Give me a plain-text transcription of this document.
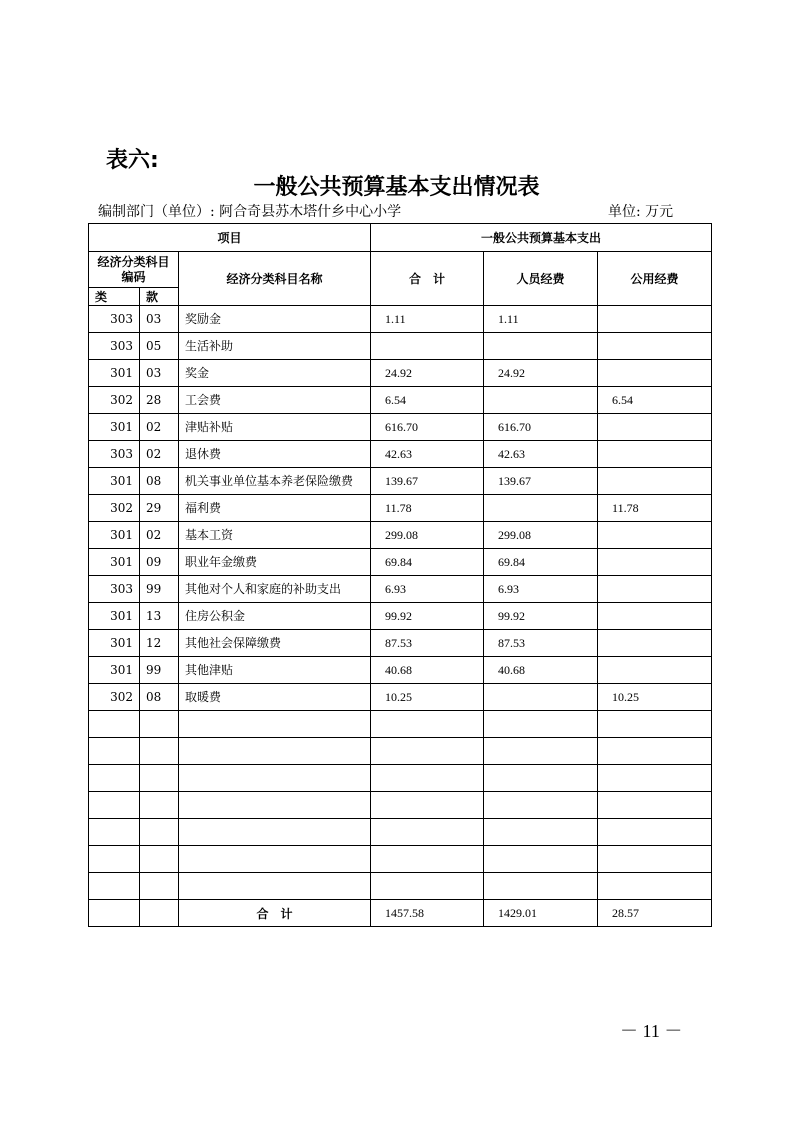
表六:
一般公共预算基本支出情况表
编制部门（单位）: 阿合奇县苏木塔什乡中心小学	单位: 万元
项目			一般公共预算基本支出		
经济分类科目编码		经济分类科目名称	合　计	人员经费	公用经费
类	款				
303	03	奖励金	1.11	1.11	
303	05	生活补助			
301	03	奖金	24.92	24.92	
302	28	工会费	6.54		6.54
301	02	津贴补贴	616.70	616.70	
303	02	退休费	42.63	42.63	
301	08	机关事业单位基本养老保险缴费	139.67	139.67	
302	29	福利费	11.78		11.78
301	02	基本工资	299.08	299.08	
301	09	职业年金缴费	69.84	69.84	
303	99	其他对个人和家庭的补助支出	6.93	6.93	
301	13	住房公积金	99.92	99.92	
301	12	其他社会保障缴费	87.53	87.53	
301	99	其他津贴	40.68	40.68	
302	08	取暖费	10.25		10.25

		合　计	1457.58	1429.01	28.57
－ 11 －
